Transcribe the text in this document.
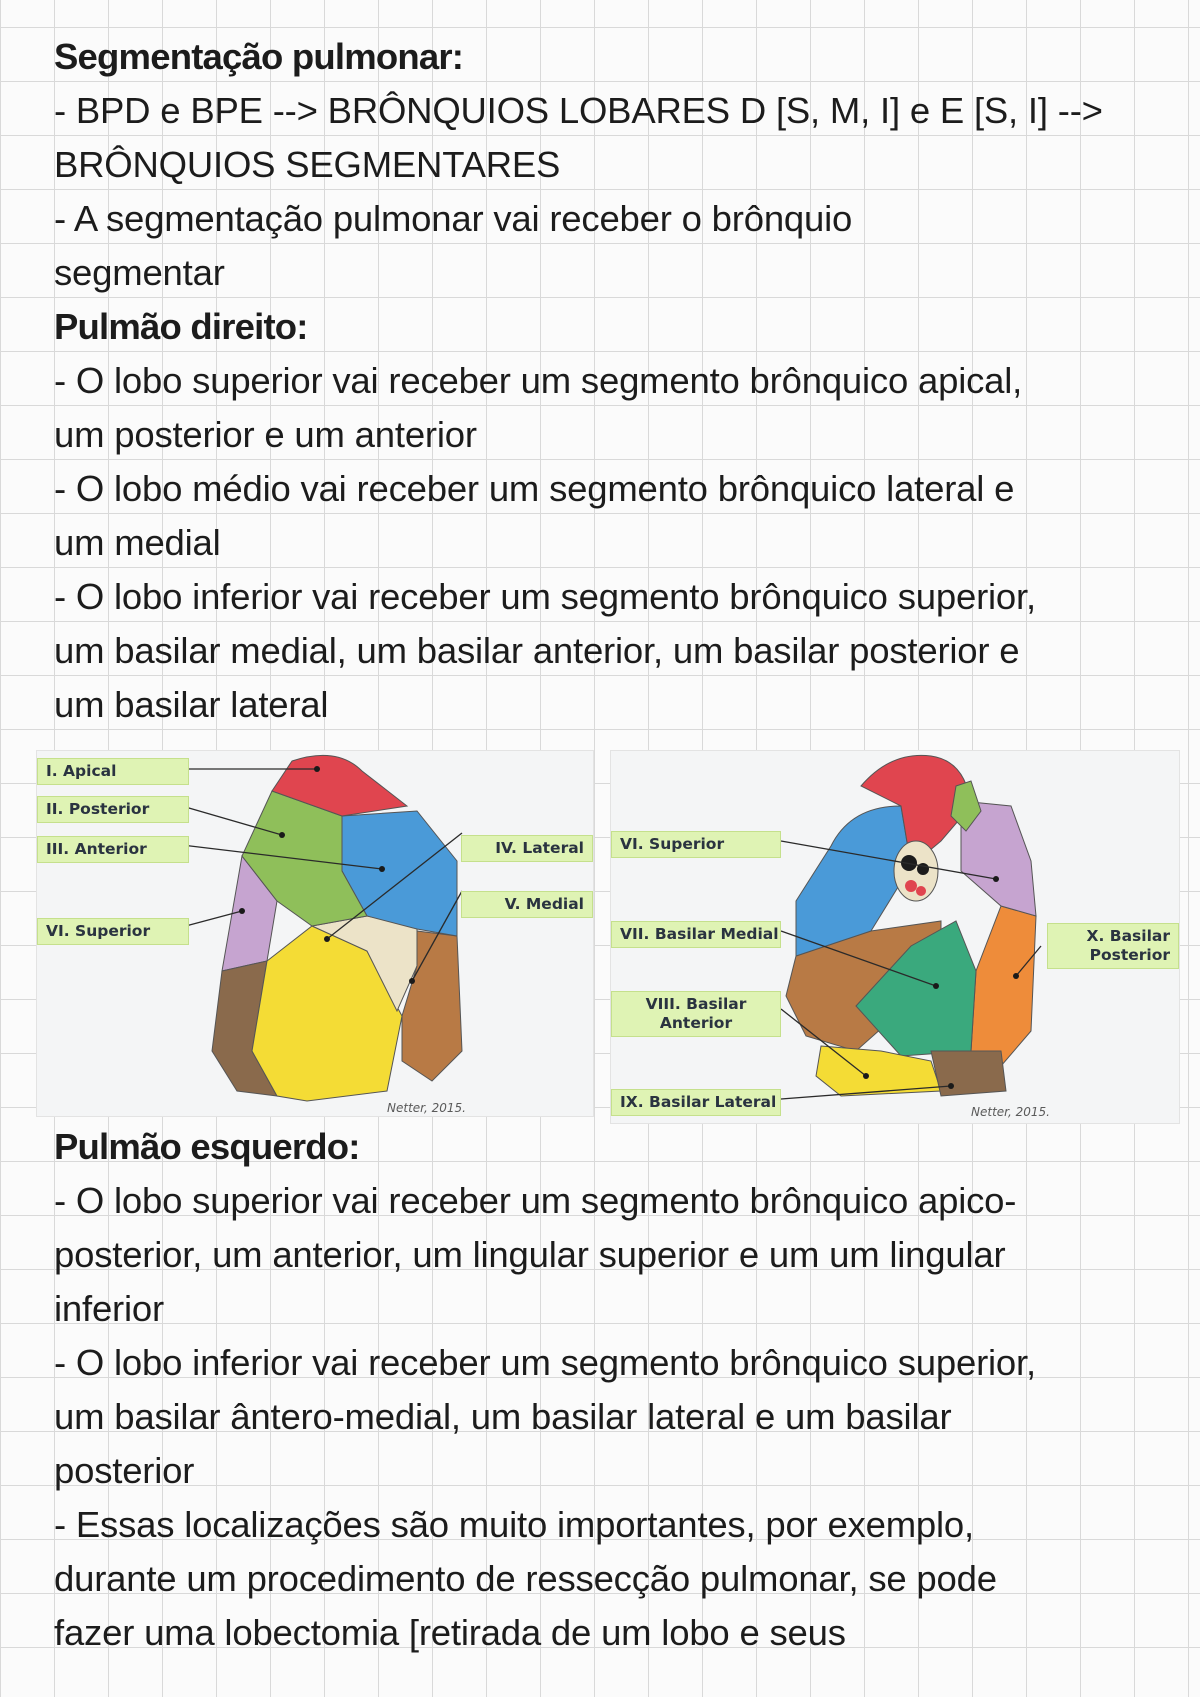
Segmentação pulmonar:
- BPD e BPE --> BRÔNQUIOS LOBARES D [S, M, I] e E [S, I] -->
BRÔNQUIOS SEGMENTARES
- A segmentação pulmonar vai receber o brônquio
segmentar
Pulmão direito:
- O lobo superior vai receber um segmento brônquico apical,
um posterior e um anterior
- O lobo médio vai receber um segmento brônquico lateral e
um medial
- O lobo inferior vai receber um segmento brônquico superior,
um basilar medial, um basilar anterior, um basilar posterior e
um basilar lateral
I. Apical
II. Posterior
III. Anterior
VI. Superior
IV. Lateral
V. Medial
Netter, 2015.
VI. Superior
VII. Basilar Medial
VIII. Basilar
Anterior
IX. Basilar Lateral
X. Basilar
Posterior
Netter, 2015.
Pulmão esquerdo:
- O lobo superior vai receber um segmento brônquico apico-
posterior, um anterior, um lingular superior e um um lingular
inferior
- O lobo inferior vai receber um segmento brônquico superior,
um basilar ântero-medial, um basilar lateral e um basilar
posterior
- Essas localizações são muito importantes, por exemplo,
durante um procedimento de ressecção pulmonar, se pode
fazer uma lobectomia [retirada de um lobo e seus
